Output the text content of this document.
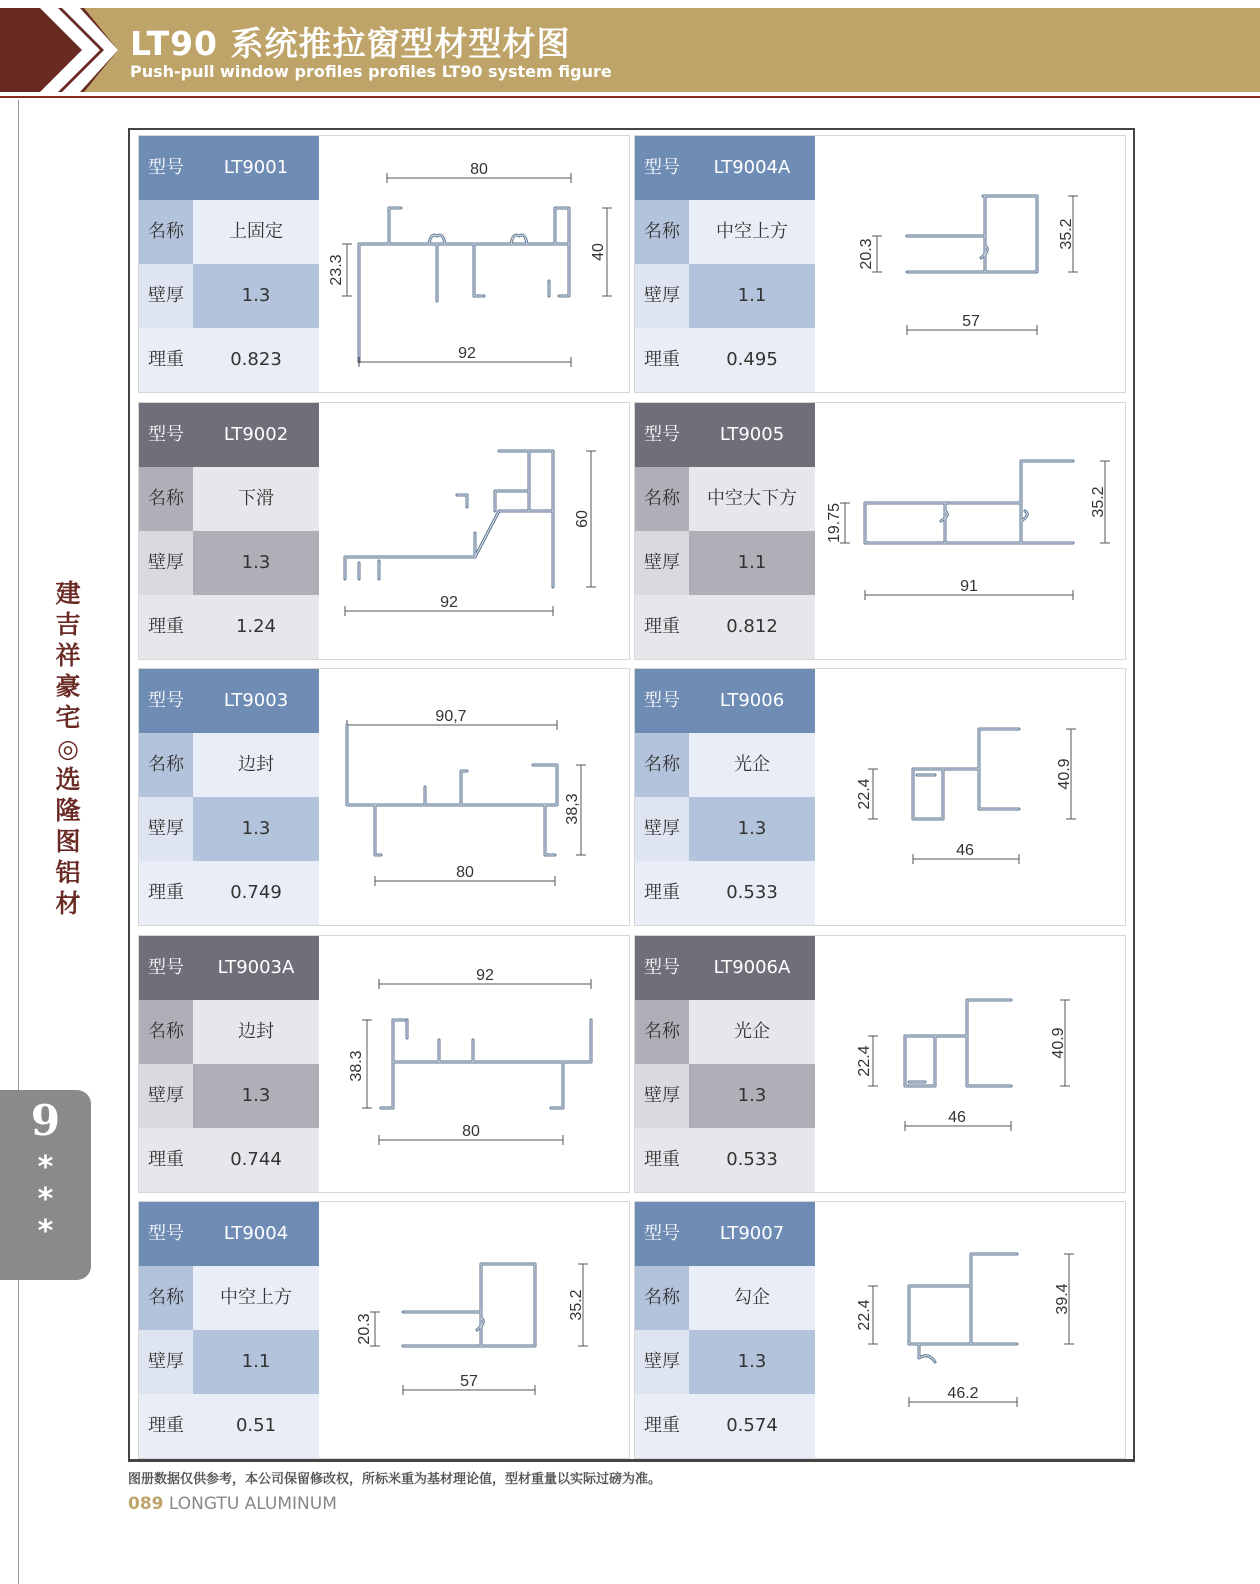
LT90 系统推拉窗型材型材图
Push-pull window profiles profiles LT90 system figure
建
吉
祥
豪
宅
◎
选
隆
图
铝
材
9
*
*
*
型号	LT9001
名称	上固定
壁厚	1.3
理重	0.823
80
23.3
40
92
型号	LT9004A
名称	中空上方
壁厚	1.1
理重	0.495
20.3
35.2
57
型号	LT9002
名称	下滑
壁厚	1.3
理重	1.24
60
92
型号	LT9005
名称	中空大下方
壁厚	1.1
理重	0.812
19.75
35.2
91
型号	LT9003
名称	边封
壁厚	1.3
理重	0.749
90,7
38,3
80
型号	LT9006
名称	光企
壁厚	1.3
理重	0.533
22.4
40.9
46
型号	LT9003A
名称	边封
壁厚	1.3
理重	0.744
92
38.3
80
型号	LT9006A
名称	光企
壁厚	1.3
理重	0.533
22.4
40.9
46
型号	LT9004
名称	中空上方
壁厚	1.1
理重	0.51
20.3
35.2
57
型号	LT9007
名称	勾企
壁厚	1.3
理重	0.574
22.4
39.4
46.2
图册数据仅供参考，本公司保留修改权，所标米重为基材理论值，型材重量以实际过磅为准。
089 LONGTU ALUMINUM
